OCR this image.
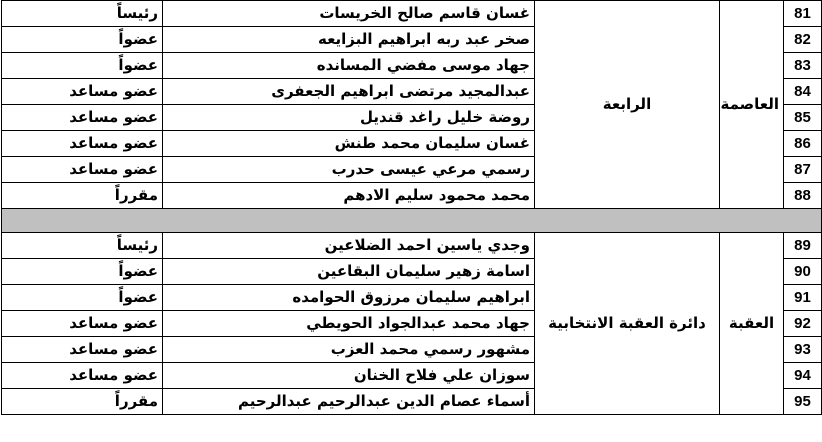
81	العاصمة	الرابعة	غسان قاسم صالح الخريسات	رئيساً
82			صخر عبد ربه ابراهيم البزايعه	عضواً
83			جهاد موسى مفضي المسانده	عضواً
84			عبدالمجيد مرتضى ابراهيم الجعفرى	عضو مساعد
85			روضة خليل راغد قنديل	عضو مساعد
86			غسان سليمان محمد طنش	عضو مساعد
87			رسمي مرعي عيسى حدرب	عضو مساعد
88			محمد محمود سليم الادهم	مقرراً

89	العقبة	دائرة العقبة الانتخابية	وجدي ياسين احمد الضلاعين	رئيساً
90			اسامة زهير سليمان البقاعين	عضواً
91			ابراهيم سليمان مرزوق الحوامده	عضواً
92			جهاد محمد عبدالجواد الحويطي	عضو مساعد
93			مشهور رسمي محمد العزب	عضو مساعد
94			سوزان علي فلاح الخنان	عضو مساعد
95			أسماء عصام الدين عبدالرحيم عبدالرحيم	مقرراً
